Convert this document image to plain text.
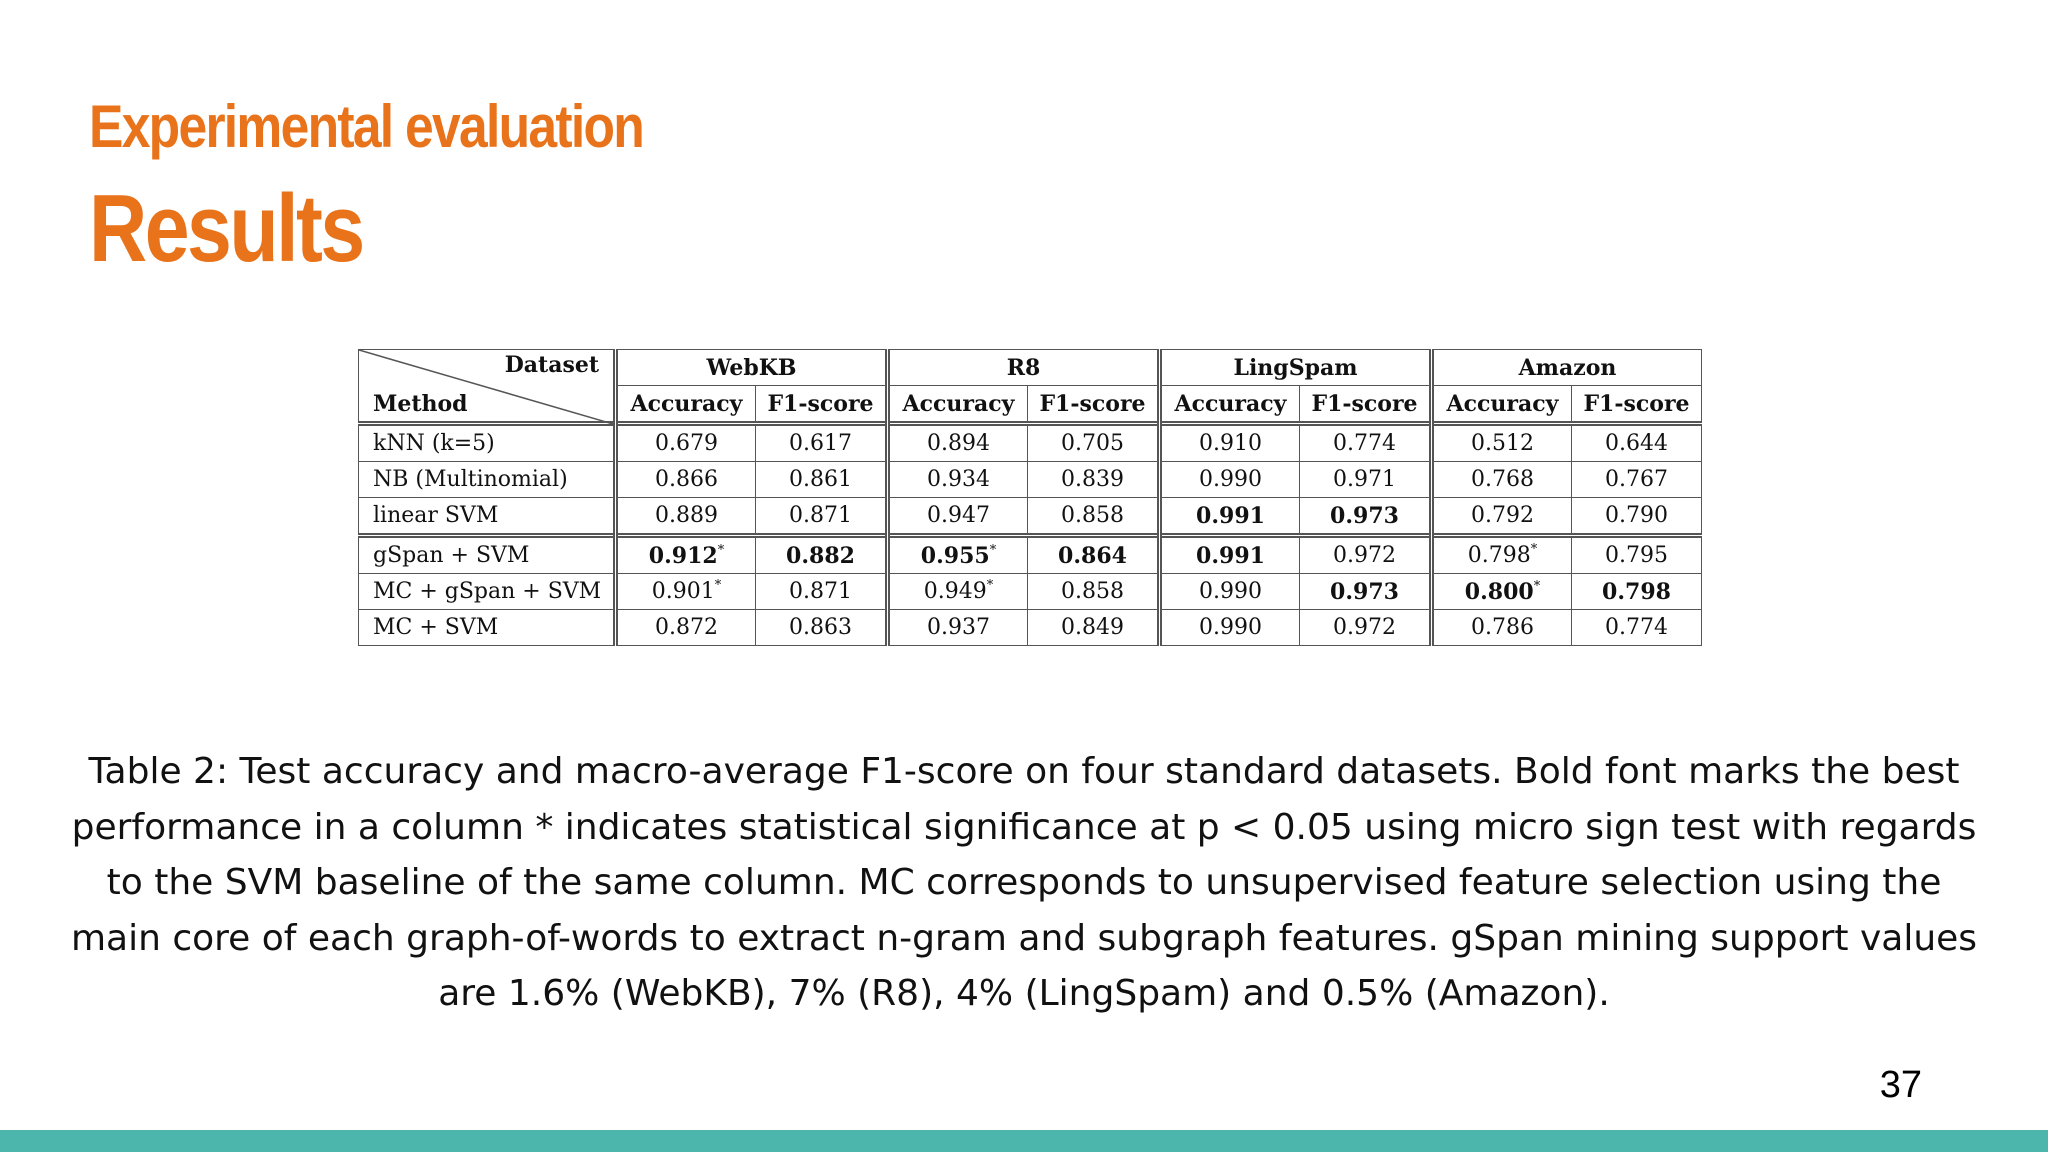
Experimental evaluation
Results
Dataset
Method	WebKB		R8		LingSpam		Amazon	
	Accuracy	F1-score	Accuracy	F1-score	Accuracy	F1-score	Accuracy	F1-score
kNN (k=5)	0.679	0.617	0.894	0.705	0.910	0.774	0.512	0.644
NB (Multinomial)	0.866	0.861	0.934	0.839	0.990	0.971	0.768	0.767
linear SVM	0.889	0.871	0.947	0.858	0.991	0.973	0.792	0.790
gSpan + SVM	0.912*	0.882	0.955*	0.864	0.991	0.972	0.798*	0.795
MC + gSpan + SVM	0.901*	0.871	0.949*	0.858	0.990	0.973	0.800*	0.798
MC + SVM	0.872	0.863	0.937	0.849	0.990	0.972	0.786	0.774
Table 2: Test accuracy and macro-average F1-score on four standard datasets. Bold font marks the best performance in a column * indicates statistical significance at p < 0.05 using micro sign test with regards to the SVM baseline of the same column. MC corresponds to unsupervised feature selection using the main core of each graph-of-words to extract n-gram and subgraph features. gSpan mining support values are 1.6% (WebKB), 7% (R8), 4% (LingSpam) and 0.5% (Amazon).
37
